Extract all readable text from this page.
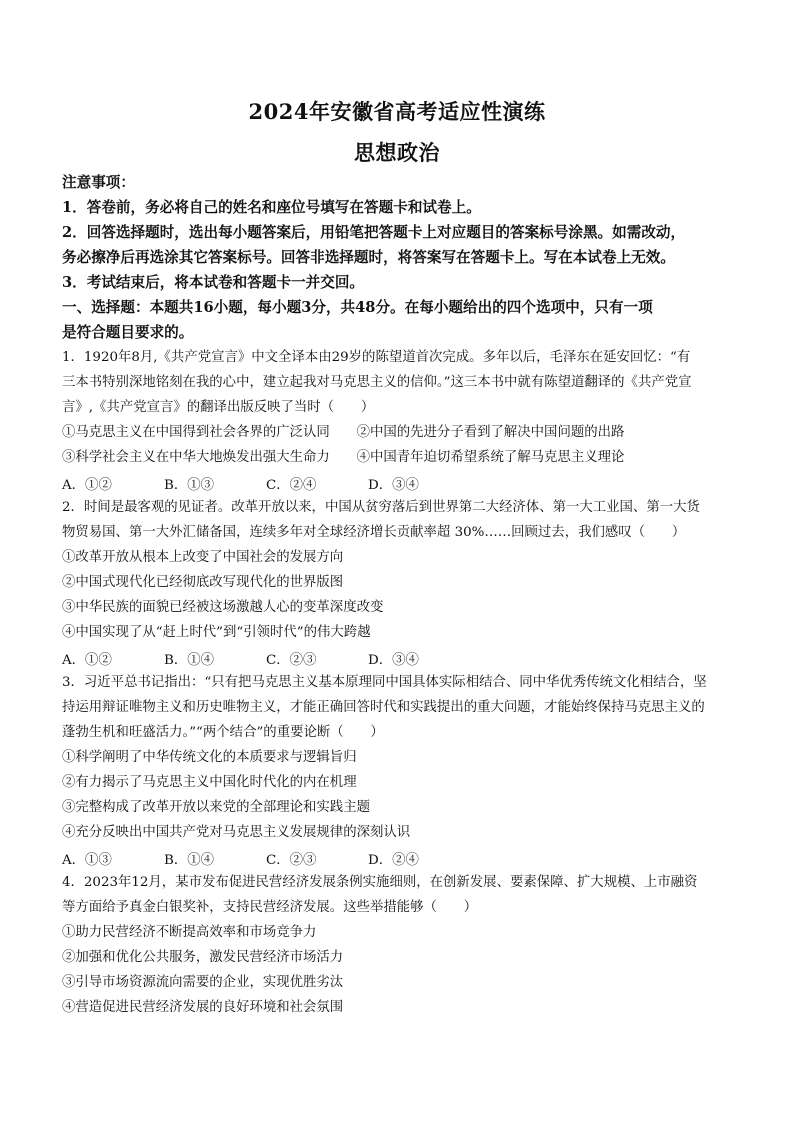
2024年安徽省高考适应性演练
思想政治
注意事项：
1．答卷前，务必将自己的姓名和座位号填写在答题卡和试卷上。
2．回答选择题时，选出每小题答案后，用铅笔把答题卡上对应题目的答案标号涂黑。如需改动，
务必擦净后再选涂其它答案标号。回答非选择题时，将答案写在答题卡上。写在本试卷上无效。
3．考试结束后，将本试卷和答题卡一并交回。
一、选择题：本题共16小题，每小题3分，共48分。在每小题给出的四个选项中，只有一项
是符合题目要求的。
1．1920年8月,《共产党宣言》中文全译本由29岁的陈望道首次完成。多年以后，毛泽东在延安回忆：“有
三本书特别深地铭刻在我的心中，建立起我对马克思主义的信仰。”这三本书中就有陈望道翻译的《共产党宣
言》,《共产党宣言》的翻译出版反映了当时（　　）
①马克思主义在中国得到社会各界的广泛认同　　②中国的先进分子看到了解决中国问题的出路
③科学社会主义在中华大地焕发出强大生命力　　④中国青年迫切希望系统了解马克思主义理论
A．①②	B．①③	C．②④	D．③④
2．时间是最客观的见证者。改革开放以来，中国从贫穷落后到世界第二大经济体、第一大工业国、第一大货
物贸易国、第一大外汇储备国，连续多年对全球经济增长贡献率超 30%……回顾过去，我们感叹（　　）
①改革开放从根本上改变了中国社会的发展方向
②中国式现代化已经彻底改写现代化的世界版图
③中华民族的面貌已经被这场激越人心的变革深度改变
④中国实现了从“赶上时代”到“引领时代”的伟大跨越
A．①②	B．①④	C．②③	D．③④
3．习近平总书记指出：“只有把马克思主义基本原理同中国具体实际相结合、同中华优秀传统文化相结合，坚
持运用辩证唯物主义和历史唯物主义，才能正确回答时代和实践提出的重大问题，才能始终保持马克思主义的
蓬勃生机和旺盛活力。”“两个结合”的重要论断（　　）
①科学阐明了中华传统文化的本质要求与逻辑旨归
②有力揭示了马克思主义中国化时代化的内在机理
③完整构成了改革开放以来党的全部理论和实践主题
④充分反映出中国共产党对马克思主义发展规律的深刻认识
A．①③	B．①④	C．②③	D．②④
4．2023年12月，某市发布促进民营经济发展条例实施细则，在创新发展、要素保障、扩大规模、上市融资
等方面给予真金白银奖补，支持民营经济发展。这些举措能够（　　）
①助力民营经济不断提高效率和市场竞争力
②加强和优化公共服务，激发民营经济市场活力
③引导市场资源流向需要的企业，实现优胜劣汰
④营造促进民营经济发展的良好环境和社会氛围
